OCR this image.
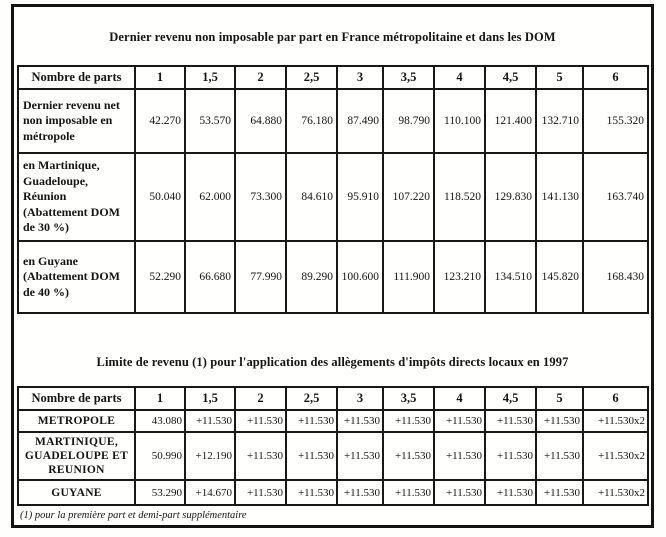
Dernier revenu non imposable par part en France métropolitaine et dans les DOM
Nombre de parts	1	1,5	2	2,5	3	3,5	4	4,5	5	6
Dernier revenu net non imposable en métropole	42.270	53.570	64.880	76.180	87.490	98.790	110.100	121.400	132.710	155.320
en Martinique, Guadeloupe, Réunion (Abattement DOM de 30 %)	50.040	62.000	73.300	84.610	95.910	107.220	118.520	129.830	141.130	163.740
en Guyane (Abattement DOM de 40 %)	52.290	66.680	77.990	89.290	100.600	111.900	123.210	134.510	145.820	168.430
Limite de revenu (1) pour l'application des allègements d'impôts directs locaux en 1997
Nombre de parts	1	1,5	2	2,5	3	3,5	4	4,5	5	6
METROPOLE	43.080	+11.530	+11.530	+11.530	+11.530	+11.530	+11.530	+11.530	+11.530	+11.530x2
MARTINIQUE, GUADELOUPE ET REUNION	50.990	+12.190	+11.530	+11.530	+11.530	+11.530	+11.530	+11.530	+11.530	+11.530x2
GUYANE	53.290	+14.670	+11.530	+11.530	+11.530	+11.530	+11.530	+11.530	+11.530	+11.530x2
(1) pour la première part et demi-part supplémentaire
